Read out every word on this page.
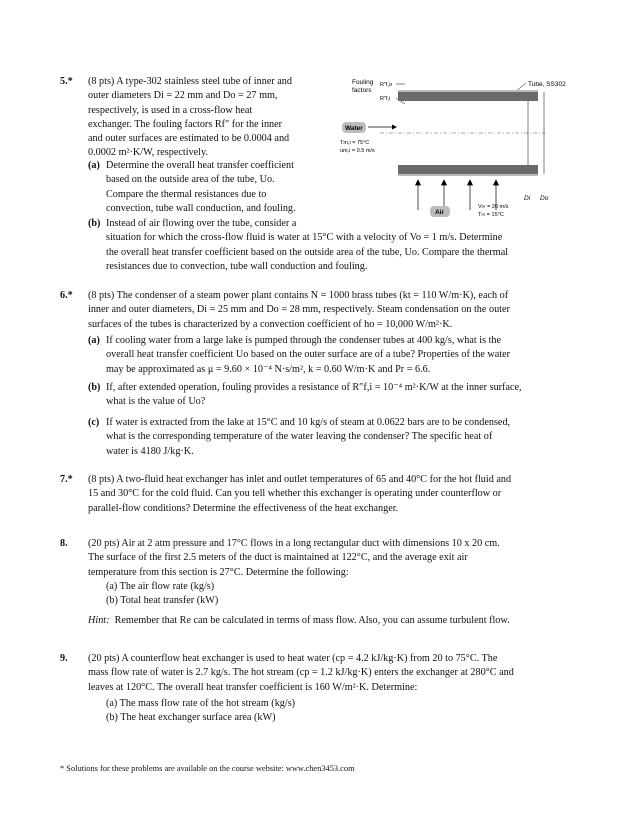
5.* (8 pts) A type-302 stainless steel tube of inner and
outer diameters Di = 22 mm and Do = 27 mm,
respectively, is used in a cross-flow heat
exchanger. The fouling factors Rf" for the inner
and outer surfaces are estimated to be 0.0004 and
0.0002 m²·K/W, respectively.
(a) Determine the overall heat transfer coefficient
based on the outside area of the tube, Uo.
Compare the thermal resistances due to
convection, tube wall conduction, and fouling.
(b) Instead of air flowing over the tube, consider a
situation for which the cross-flow fluid is water at 15°C with a velocity of Vo = 1 m/s. Determine
the overall heat transfer coefficient based on the outside area of the tube, Uo. Compare the thermal
resistances due to convection, tube wall conduction and fouling.
Fouling
factors
R″f,o
R″f,i
Tube, SS302
Water
Tm,i = 75°C
um,i = 0.5 m/s
Air
V∞ = 20 m/s
T∞ = 15°C
Di Do
6.* (8 pts) The condenser of a steam power plant contains N = 1000 brass tubes (kt = 110 W/m·K), each of
inner and outer diameters, Di = 25 mm and Do = 28 mm, respectively. Steam condensation on the outer
surfaces of the tubes is characterized by a convection coefficient of ho = 10,000 W/m²·K.
(a) If cooling water from a large lake is pumped through the condenser tubes at 400 kg/s, what is the
overall heat transfer coefficient Uo based on the outer surface are of a tube? Properties of the water
may be approximated as μ = 9.60 × 10⁻⁴ N·s/m², k = 0.60 W/m·K and Pr = 6.6.
(b) If, after extended operation, fouling provides a resistance of R″f,i = 10⁻⁴ m²·K/W at the inner surface,
what is the value of Uo?
(c) If water is extracted from the lake at 15°C and 10 kg/s of steam at 0.0622 bars are to be condensed,
what is the corresponding temperature of the water leaving the condenser? The specific heat of
water is 4180 J/kg·K.
7.* (8 pts) A two-fluid heat exchanger has inlet and outlet temperatures of 65 and 40°C for the hot fluid and
15 and 30°C for the cold fluid. Can you tell whether this exchanger is operating under counterflow or
parallel-flow conditions? Determine the effectiveness of the heat exchanger.
8. (20 pts) Air at 2 atm pressure and 17°C flows in a long rectangular duct with dimensions 10 x 20 cm.
The surface of the first 2.5 meters of the duct is maintained at 122°C, and the average exit air
temperature from this section is 27°C. Determine the following:
(a) The air flow rate (kg/s)
(b) Total heat transfer (kW)
Hint: Remember that Re can be calculated in terms of mass flow. Also, you can assume turbulent flow.
9. (20 pts) A counterflow heat exchanger is used to heat water (cp = 4.2 kJ/kg·K) from 20 to 75°C. The
mass flow rate of water is 2.7 kg/s. The hot stream (cp = 1.2 kJ/kg·K) enters the exchanger at 280°C and
leaves at 120°C. The overall heat transfer coefficient is 160 W/m²·K. Determine:
(a) The mass flow rate of the hot stream (kg/s)
(b) The heat exchanger surface area (kW)
* Solutions for these problems are available on the course website: www.chen3453.com
